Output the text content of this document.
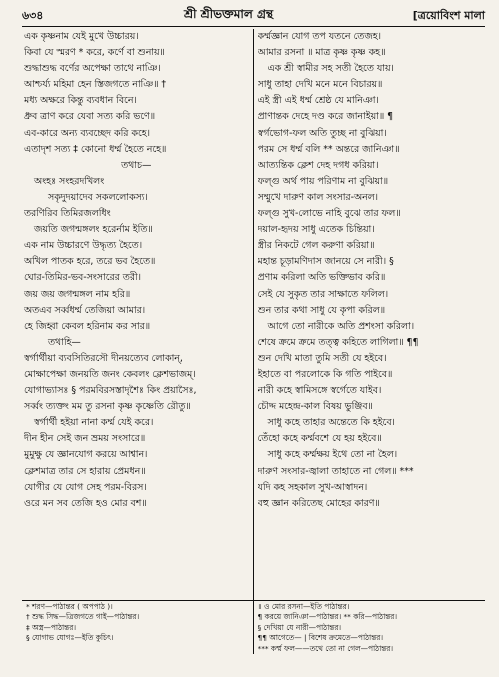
৬৩৪	শ্রী শ্রীভক্তমাল গ্রন্থ	[ত্রয়োবিংশ মালা
এক কৃষ্ণনাম যেই মুখে উচ্চারয়।
কিবা যে স্মরণ * করে, কর্ণে বা শুনায়॥
শুদ্ধাশুদ্ধ বর্ণের অপেক্ষা তাথে নাঞি।
আশ্চর্য্য মহিমা হেন স্তিজগতে নাঞি॥ †
মধ্য অক্ষরে কিন্তু ব্যবধান বিনে।
ধ্রুব ত্রাণ করে যেবা সত্য করি ভণে॥
এব-কারে অন্য ব্যবচ্ছেদ করি কহে।
এতাদৃশ সত্য ‡ কোনো ধর্ম্ম হৈতে নহে॥
তথাচ—
অংহঃ সংহরদখিলং
সকৃদুদয়াদেব সকললোকস্য।
তরণিরিব তিমিরজলধিং
জয়তি জগন্মঙ্গলং হরের্নাম ইতি॥
এক নাম উচ্চারণে উদ্ধৃত্য হৈতে।
অখিল পাতক হরে, তরে ভব হৈতে॥
ঘোর-তিমির-ভব-সংসারের তরী।
জয় জয় জগন্মঙ্গল নাম হরি॥
অতএব সর্ব্বধর্ম্ম তেজিয়া আমার।
হে জিহ্বা কেবল হরিনাম কর সার॥
তথাহি—
স্বর্গার্থীয়া ব্যবসিতিরসৌ দীনয়ত্যেব লোকান্,
মোক্ষাপেক্ষা জনয়তি জনং কেবলং ক্লেশভাজম্।
যোগাভ্যাসঃ § পরমবিরসস্তাদৃশৈঃ কিং প্রয়াসৈঃ,
সর্ব্বং ত্যক্তং মম তু রসনা কৃষ্ণ কৃষ্ণেতি রৌতু॥
স্বর্গার্থী হইয়া নানা কর্ম্ম যেই করে।
দীন হীন সেই জন ভ্রময় সংসারে॥
মুমুক্ষু যে জ্ঞানযোগ করয়ে আশ্বান।
ক্লেশমাত্র তার সে হারায় প্রেমধন॥
যোগীর যে যোগ সেহ পরম-বিরস।
ওরে মন সব তেজি হও মোর বশ॥
কর্ম্মজ্ঞান যোগ তপ যতনে তেজহ।
আমার রসনা ॥ মাত্র কৃষ্ণ কৃষ্ণ কহ॥
এক শ্রী স্বামীর সহ সতী হৈতে যায়।
সাধু তাহা দেখি মনে মনে বিচারয়॥
এই স্ত্রী এই ধর্ম্ম শ্রেষ্ঠ যে মানিঞা।
প্রাণান্তক দেহে দণ্ড করে জানাইয়া॥ ¶
স্বর্গভোগ-ফল অতি তুচ্ছ না বুঝিয়া।
পরম সে ধর্ম্ম বলি ** অন্তরে জানিঞা॥
আত্যন্তিক ক্লেশ দেহ দগধ করিয়া।
ফল্গু অর্থ পায় পরিণাম না বুঝিয়া॥
সম্মুখে দারুণ কাল সংসার-অনল।
ফল্গু সুখ-লোভে নাহি বুঝে তার ফল॥
দয়াল-হৃদয় সাধু এতেক চিন্তিয়া।
স্ত্রীর নিকটে গেল করুণা করিয়া॥
মহান্ত চূড়ামণিদাস জানয়ে সে নারী। §
প্রণাম করিলা অতি ভক্তিভাব করি॥
সেই যে সুকৃত তার সাক্ষাতে ফলিল।
শুন তার কথা সাধু যে কৃপা করিল॥
আগে তো নারীকে অতি প্রশংসা করিলা।
শেষে ক্রমে ক্রমে তত্ত্ব কহিতে লাগিলা॥ ¶¶
শুন দেখি মাতা তুমি সতী যে হইবে।
ইহাতে বা পরলোকে কি গতি পাইবে॥
নারী কহে স্বামিসঙ্গে স্বর্গেতে যাইব।
চৌদ্দ মহেন্দ্র-কাল বিষয় ভুঞ্জিব॥
সাধু কহে তাহার অন্তেতে কি হইবে।
তেঁহো কহে কর্ম্মবশে যে হয় হইবে॥
সাধু কহে কর্ম্মক্ষয় ইথে তো না হৈল।
দারুণ সংসার-জ্বালা তাহাতে না গেল॥ ***
যদি কহ সহকাল সুখ-আস্বাদন।
বহু জ্ঞান করিতেছ মোহের কারণ॥
* শরণ—পাঠান্তর ( অপপাঠ )।
† শুদ্ধ সিদ্ধ—ত্রিজগতে গাই—পাঠান্তর।
‡ অস্ত্র—পাঠান্তর।
§ যোগাভ যোগঃ—ইতি কুচিৎ।
॥ ও মোর রসনা—ইতি পাঠান্তর।
¶ করয়ে জানিঞা—পাঠান্তর। ** করি—পাঠান্তর।
§ দেখিয়া যে নারী—পাঠান্তর।
¶¶ আগেতে— | বিশেষ ক্রমেতে—পাঠান্তর।
*** কর্ম্ম ফল——তথে তো না গেল—পাঠান্তর।
